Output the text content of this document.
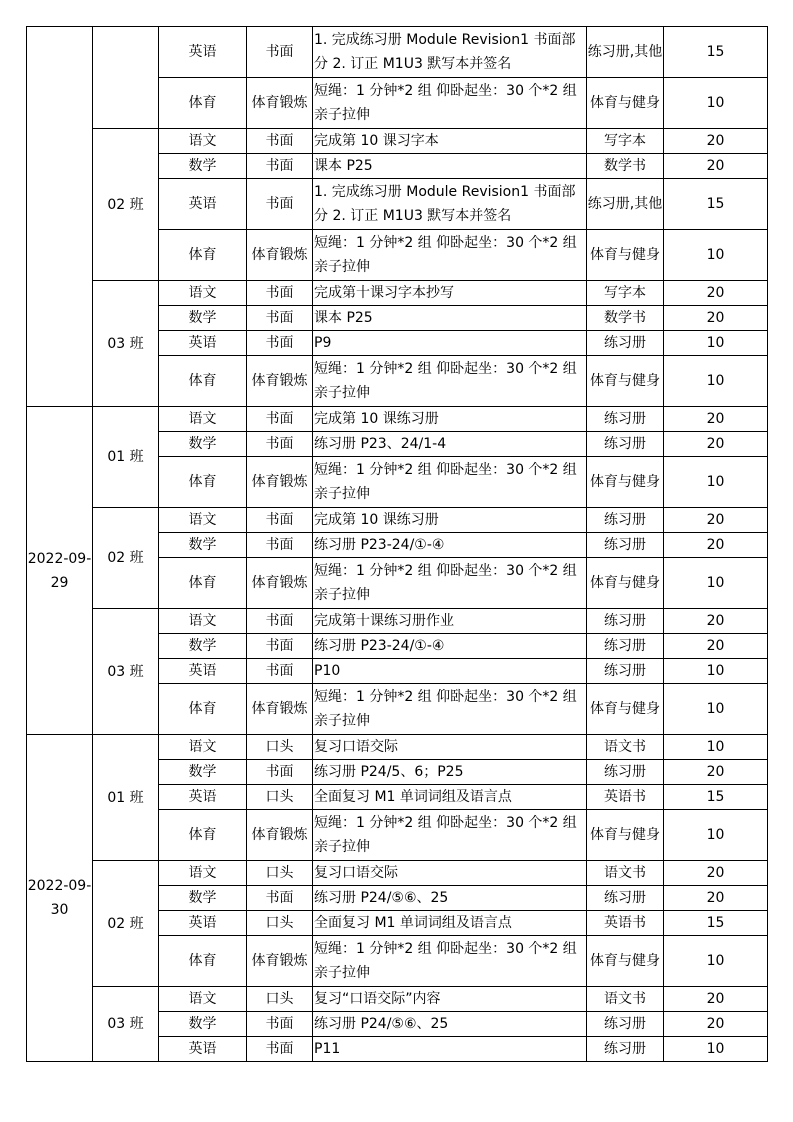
		英语	书面	1. 完成练习册 Module Revision1 书面部分 2. 订正 M1U3 默写本并签名	练习册,其他	15
		体育	体育锻炼	短绳：1 分钟*2 组 仰卧起坐：30 个*2 组亲子拉伸	体育与健身	10
	02 班	语文	书面	完成第 10 课习字本	写字本	20
		数学	书面	课本 P25	数学书	20
		英语	书面	1. 完成练习册 Module Revision1 书面部分 2. 订正 M1U3 默写本并签名	练习册,其他	15
		体育	体育锻炼	短绳：1 分钟*2 组 仰卧起坐：30 个*2 组亲子拉伸	体育与健身	10
	03 班	语文	书面	完成第十课习字本抄写	写字本	20
		数学	书面	课本 P25	数学书	20
		英语	书面	P9	练习册	10
		体育	体育锻炼	短绳：1 分钟*2 组 仰卧起坐：30 个*2 组亲子拉伸	体育与健身	10
2022-09-29	01 班	语文	书面	完成第 10 课练习册	练习册	20
		数学	书面	练习册 P23、24/1-4	练习册	20
		体育	体育锻炼	短绳：1 分钟*2 组 仰卧起坐：30 个*2 组亲子拉伸	体育与健身	10
	02 班	语文	书面	完成第 10 课练习册	练习册	20
		数学	书面	练习册 P23-24/①-④	练习册	20
		体育	体育锻炼	短绳：1 分钟*2 组 仰卧起坐：30 个*2 组亲子拉伸	体育与健身	10
	03 班	语文	书面	完成第十课练习册作业	练习册	20
		数学	书面	练习册 P23-24/①-④	练习册	20
		英语	书面	P10	练习册	10
		体育	体育锻炼	短绳：1 分钟*2 组 仰卧起坐：30 个*2 组亲子拉伸	体育与健身	10
2022-09-30	01 班	语文	口头	复习口语交际	语文书	10
		数学	书面	练习册 P24/5、6；P25	练习册	20
		英语	口头	全面复习 M1 单词词组及语言点	英语书	15
		体育	体育锻炼	短绳：1 分钟*2 组 仰卧起坐：30 个*2 组亲子拉伸	体育与健身	10
	02 班	语文	口头	复习口语交际	语文书	20
		数学	书面	练习册 P24/⑤⑥、25	练习册	20
		英语	口头	全面复习 M1 单词词组及语言点	英语书	15
		体育	体育锻炼	短绳：1 分钟*2 组 仰卧起坐：30 个*2 组亲子拉伸	体育与健身	10
	03 班	语文	口头	复习“口语交际”内容	语文书	20
		数学	书面	练习册 P24/⑤⑥、25	练习册	20
		英语	书面	P11	练习册	10
